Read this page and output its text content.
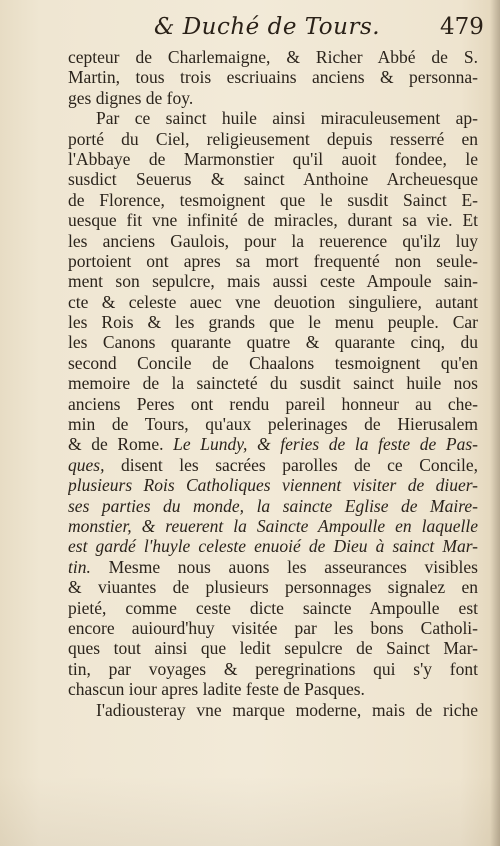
& Duché de Tours.	479
cepteur de Charlemaigne, & Richer Abbé de S.
Martin, tous trois escriuains anciens & personna-
ges dignes de foy.
Par ce sainct huile ainsi miraculeusement ap-
porté du Ciel, religieusement depuis resserré en
l'Abbaye de Marmonstier qu'il auoit fondee, le
susdict Seuerus & sainct Anthoine Archeuesque
de Florence, tesmoignent que le susdit Sainct E-
uesque fit vne infinité de miracles, durant sa vie. Et
les anciens Gaulois, pour la reuerence qu'ilz luy
portoient ont apres sa mort frequenté non seule-
ment son sepulcre, mais aussi ceste Ampoule sain-
cte & celeste auec vne deuotion singuliere, autant
les Rois & les grands que le menu peuple. Car
les Canons quarante quatre & quarante cinq, du
second Concile de Chaalons tesmoignent qu'en
memoire de la saincteté du susdit sainct huile nos
anciens Peres ont rendu pareil honneur au che-
min de Tours, qu'aux pelerinages de Hierusalem
& de Rome. Le Lundy, & feries de la feste de Pas-
ques, disent les sacrées parolles de ce Concile,
plusieurs Rois Catholiques viennent visiter de diuer-
ses parties du monde, la saincte Eglise de Maire-
monstier, & reuerent la Saincte Ampoulle en laquelle
est gardé l'huyle celeste enuoié de Dieu à sainct Mar-
tin. Mesme nous auons les asseurances visibles
& viuantes de plusieurs personnages signalez en
pieté, comme ceste dicte saincte Ampoulle est
encore auiourd'huy visitée par les bons Catholi-
ques tout ainsi que ledit sepulcre de Sainct Mar-
tin, par voyages & peregrinations qui s'y font
chascun iour apres ladite feste de Pasques.
I'adiousteray vne marque moderne, mais de riche
